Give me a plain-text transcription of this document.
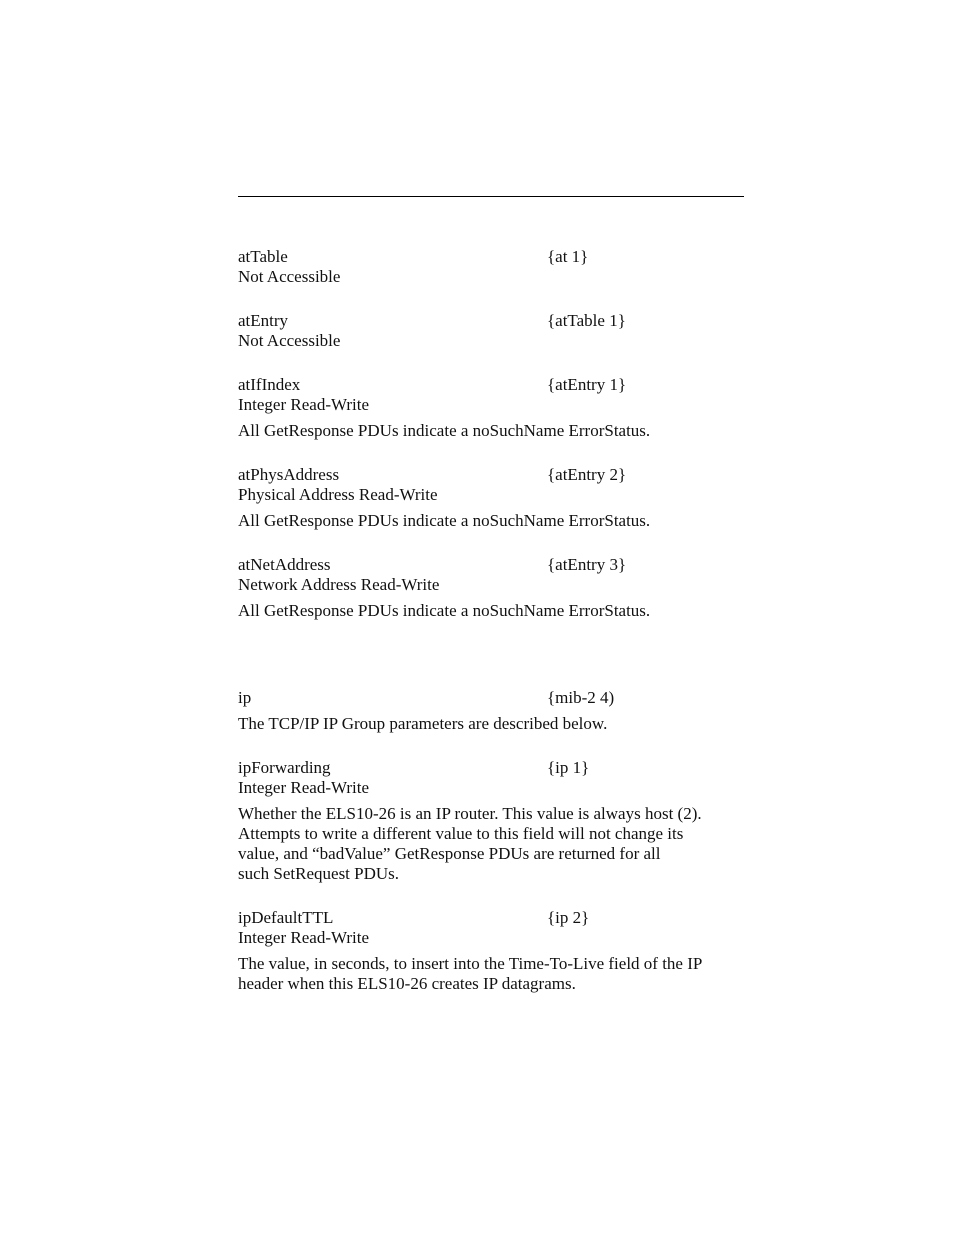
atTable	{at 1}
Not Accessible
atEntry	{atTable 1}
Not Accessible
atIfIndex	{atEntry 1}
Integer Read-Write
All GetResponse PDUs indicate a noSuchName ErrorStatus.
atPhysAddress	{atEntry 2}
Physical Address Read-Write
All GetResponse PDUs indicate a noSuchName ErrorStatus.
atNetAddress	{atEntry 3}
Network Address Read-Write
All GetResponse PDUs indicate a noSuchName ErrorStatus.
ip	{mib-2 4)
The TCP/IP IP Group parameters are described below.
ipForwarding	{ip 1}
Integer Read-Write
Whether the ELS10-26 is an IP router. This value is always host (2).
Attempts to write a different value to this field will not change its
value, and “badValue” GetResponse PDUs are returned for all
such SetRequest PDUs.
ipDefaultTTL	{ip 2}
Integer Read-Write
The value, in seconds, to insert into the Time-To-Live field of the IP
header when this ELS10-26 creates IP datagrams.
